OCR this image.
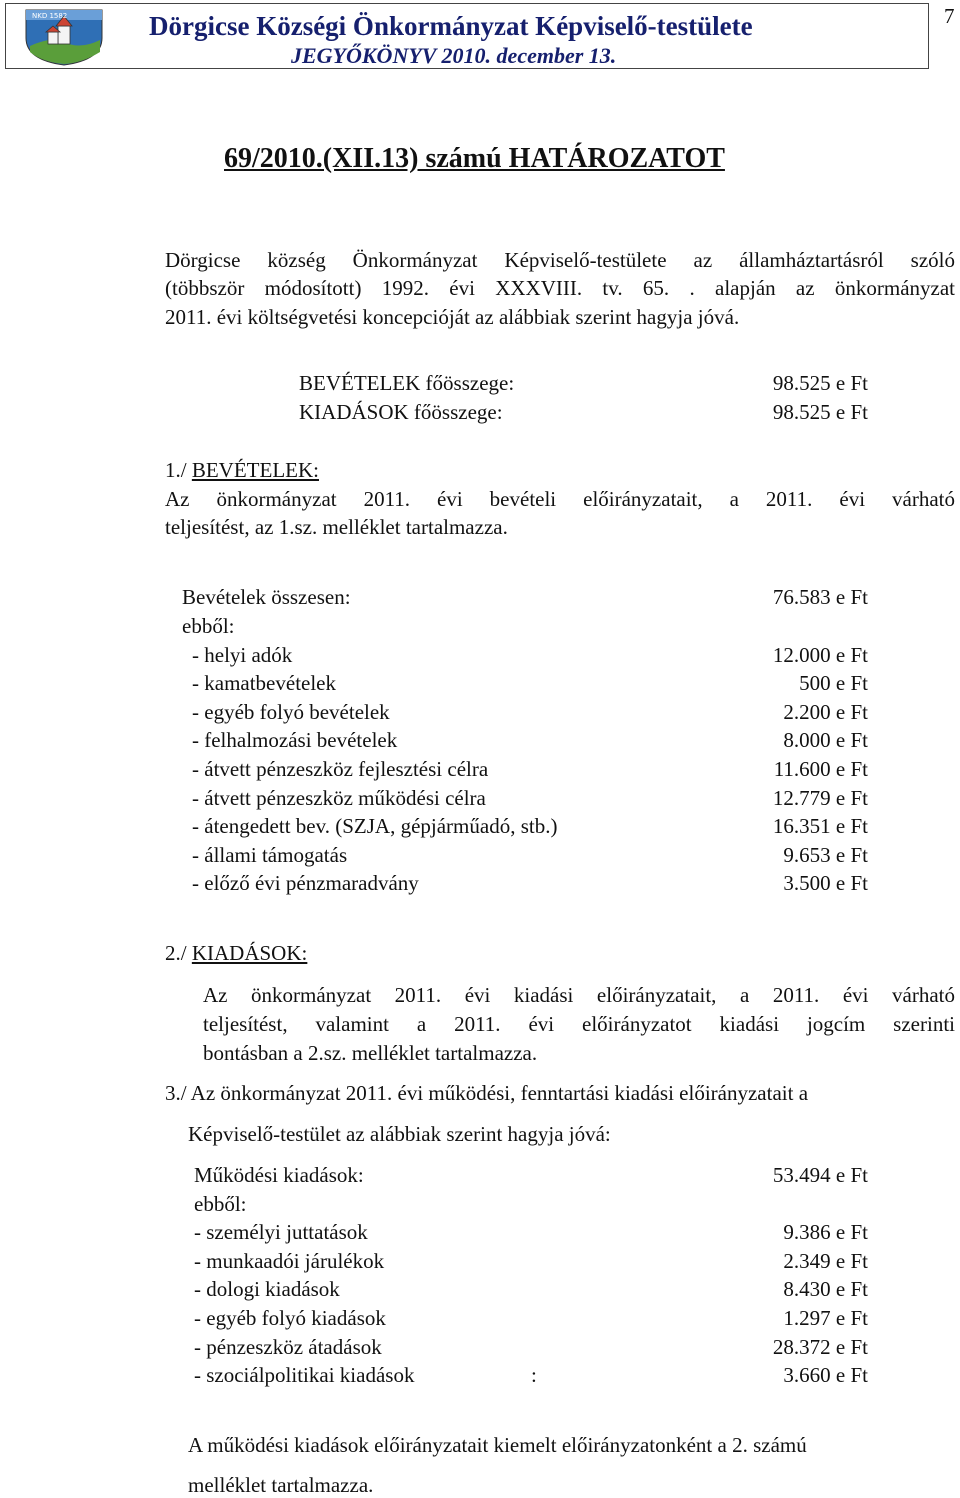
NKD 1582	Dörgicse Községi Önkormányzat Képviselő-testülete
JEGYŐKÖNYV 2010. december 13.
7
69/2010.(XII.13) számú HATÁROZATOT
Dörgicse község Önkormányzat Képviselő-testülete az államháztartásról szóló
(többször módosított) 1992. évi XXXVIII. tv. 65. . alapján az önkormányzat
2011. évi költségvetési koncepcióját az alábbiak szerint hagyja jóvá.
BEVÉTELEK főösszege:	98.525 e Ft
KIADÁSOK főösszege:	98.525 e Ft
1./ BEVÉTELEK:
Az önkormányzat 2011. évi bevételi előirányzatait, a 2011. évi várható
teljesítést, az 1.sz. melléklet tartalmazza.
Bevételek összesen:	76.583 e Ft
ebből:
- helyi adók	12.000 e Ft
- kamatbevételek	500 e Ft
- egyéb folyó bevételek	2.200 e Ft
- felhalmozási bevételek	8.000 e Ft
- átvett pénzeszköz fejlesztési célra	11.600 e Ft
- átvett pénzeszköz működési célra	12.779 e Ft
- átengedett bev. (SZJA, gépjárműadó, stb.)	16.351 e Ft
- állami támogatás	9.653 e Ft
- előző évi pénzmaradvány	3.500 e Ft
2./ KIADÁSOK:
Az önkormányzat 2011. évi kiadási előirányzatait, a 2011. évi várható
teljesítést, valamint a 2011. évi előirányzatot kiadási jogcím szerinti
bontásban a 2.sz. melléklet tartalmazza.
3./ Az önkormányzat 2011. évi működési, fenntartási kiadási előirányzatait a
Képviselő-testület az alábbiak szerint hagyja jóvá:
Működési kiadások:	53.494 e Ft
ebből:
- személyi juttatások	9.386 e Ft
- munkaadói járulékok	2.349 e Ft
- dologi kiadások	8.430 e Ft
- egyéb folyó kiadások	1.297 e Ft
- pénzeszköz átadások	28.372 e Ft
- szociálpolitikai kiadások	:	3.660 e Ft
A működési kiadások előirányzatait kiemelt előirányzatonként a 2. számú
melléklet tartalmazza.
